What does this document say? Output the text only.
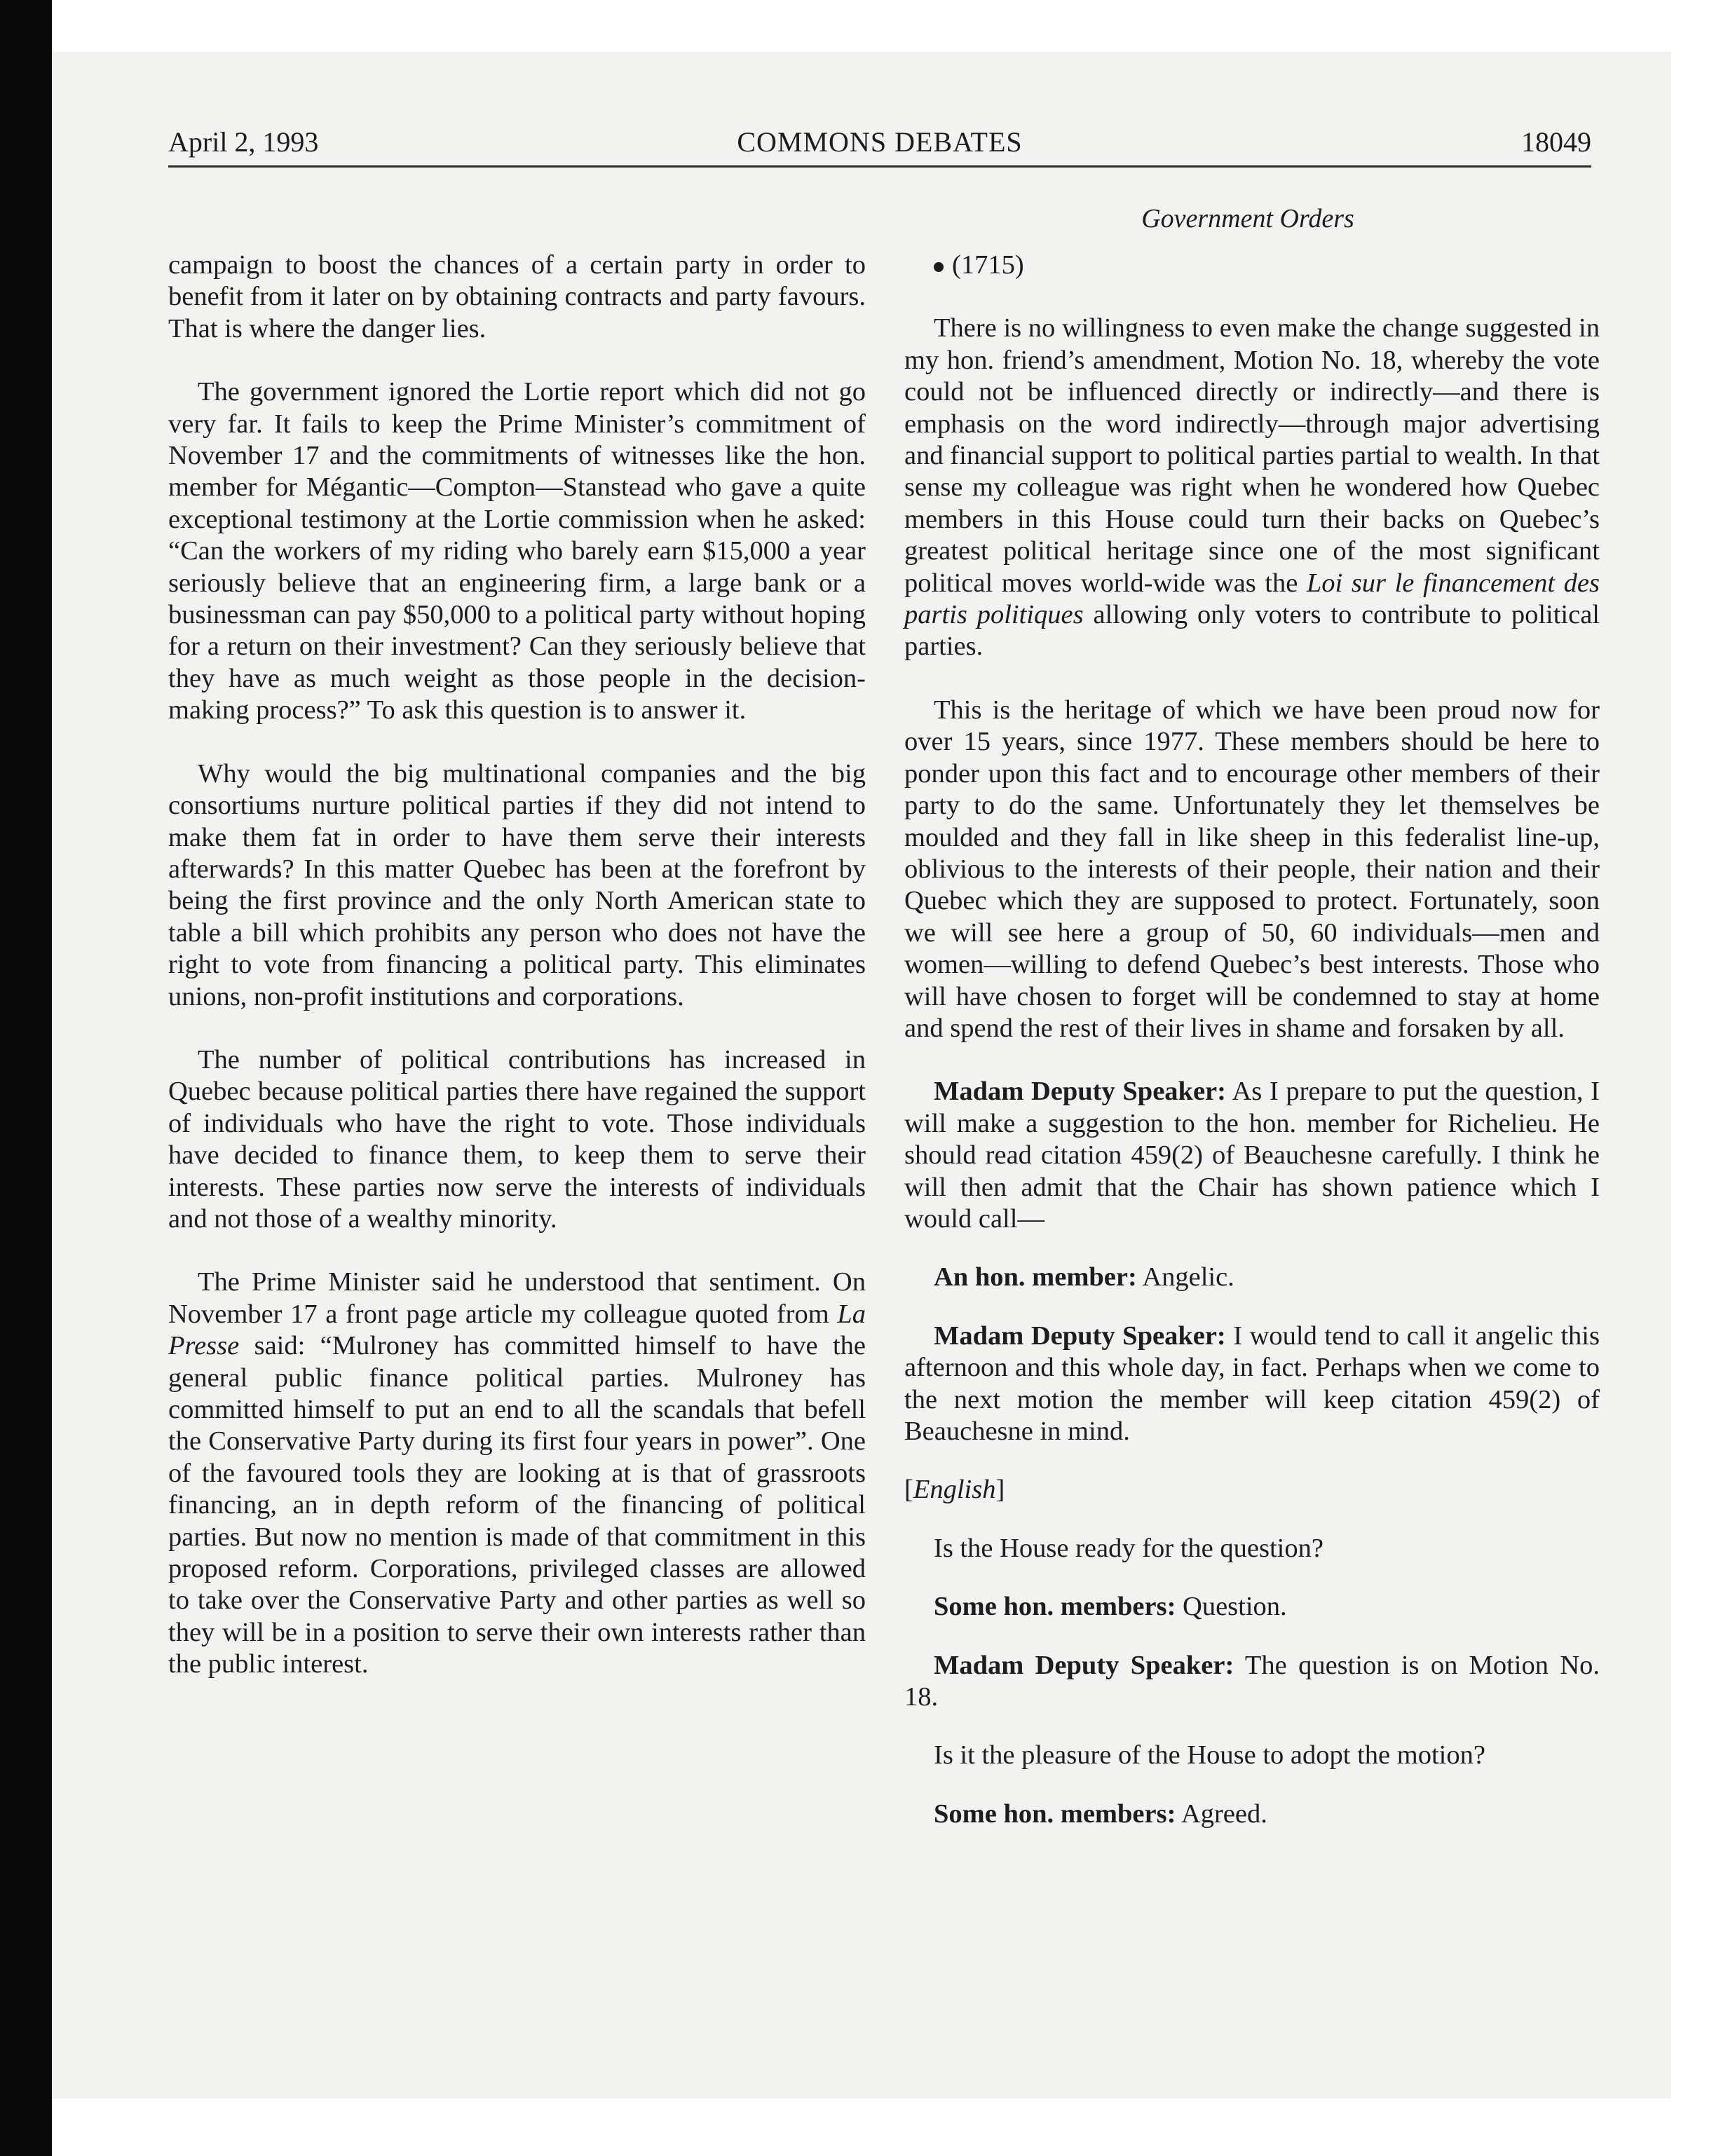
April 2, 1993	COMMONS DEBATES	18049
Government Orders

campaign to boost the chances of a certain party in order to benefit from it later on by obtaining contracts and party favours. That is where the danger lies.

The government ignored the Lortie report which did not go very far. It fails to keep the Prime Minister’s commitment of November 17 and the commitments of witnesses like the hon. member for Mégantic—Compton—Stanstead who gave a quite exceptional testimony at the Lortie commission when he asked: “Can the workers of my riding who barely earn $15,000 a year seriously believe that an engineering firm, a large bank or a businessman can pay $50,000 to a political party without hoping for a return on their investment? Can they seriously believe that they have as much weight as those people in the decision-making process?” To ask this question is to answer it.

Why would the big multinational companies and the big consortiums nurture political parties if they did not intend to make them fat in order to have them serve their interests afterwards? In this matter Quebec has been at the forefront by being the first province and the only North American state to table a bill which prohibits any person who does not have the right to vote from financing a political party. This eliminates unions, non-profit institutions and corporations.

The number of political contributions has increased in Quebec because political parties there have regained the support of individuals who have the right to vote. Those individuals have decided to finance them, to keep them to serve their interests. These parties now serve the interests of individuals and not those of a wealthy minority.

The Prime Minister said he understood that sentiment. On November 17 a front page article my colleague quoted from La Presse said: “Mulroney has committed himself to have the general public finance political parties. Mulroney has committed himself to put an end to all the scandals that befell the Conservative Party during its first four years in power”. One of the favoured tools they are looking at is that of grassroots financing, an in depth reform of the financing of political parties. But now no mention is made of that commitment in this proposed reform. Corporations, privileged classes are allowed to take over the Conservative Party and other parties as well so they will be in a position to serve their own interests rather than the public interest.

(1715)

There is no willingness to even make the change suggested in my hon. friend’s amendment, Motion No. 18, whereby the vote could not be influenced directly or indirectly—and there is emphasis on the word indirectly—through major advertising and financial support to political parties partial to wealth. In that sense my colleague was right when he wondered how Quebec members in this House could turn their backs on Quebec’s greatest political heritage since one of the most significant political moves world-wide was the Loi sur le financement des partis politiques allowing only voters to contribute to political parties.

This is the heritage of which we have been proud now for over 15 years, since 1977. These members should be here to ponder upon this fact and to encourage other members of their party to do the same. Unfortunately they let themselves be moulded and they fall in like sheep in this federalist line-up, oblivious to the interests of their people, their nation and their Quebec which they are supposed to protect. Fortunately, soon we will see here a group of 50, 60 individuals—men and women—willing to defend Quebec’s best interests. Those who will have chosen to forget will be condemned to stay at home and spend the rest of their lives in shame and forsaken by all.

Madam Deputy Speaker: As I prepare to put the question, I will make a suggestion to the hon. member for Richelieu. He should read citation 459(2) of Beauchesne carefully. I think he will then admit that the Chair has shown patience which I would call—

An hon. member: Angelic.

Madam Deputy Speaker: I would tend to call it angelic this afternoon and this whole day, in fact. Perhaps when we come to the next motion the member will keep citation 459(2) of Beauchesne in mind.

[English]

Is the House ready for the question?

Some hon. members: Question.

Madam Deputy Speaker: The question is on Motion No. 18.

Is it the pleasure of the House to adopt the motion?

Some hon. members: Agreed.
